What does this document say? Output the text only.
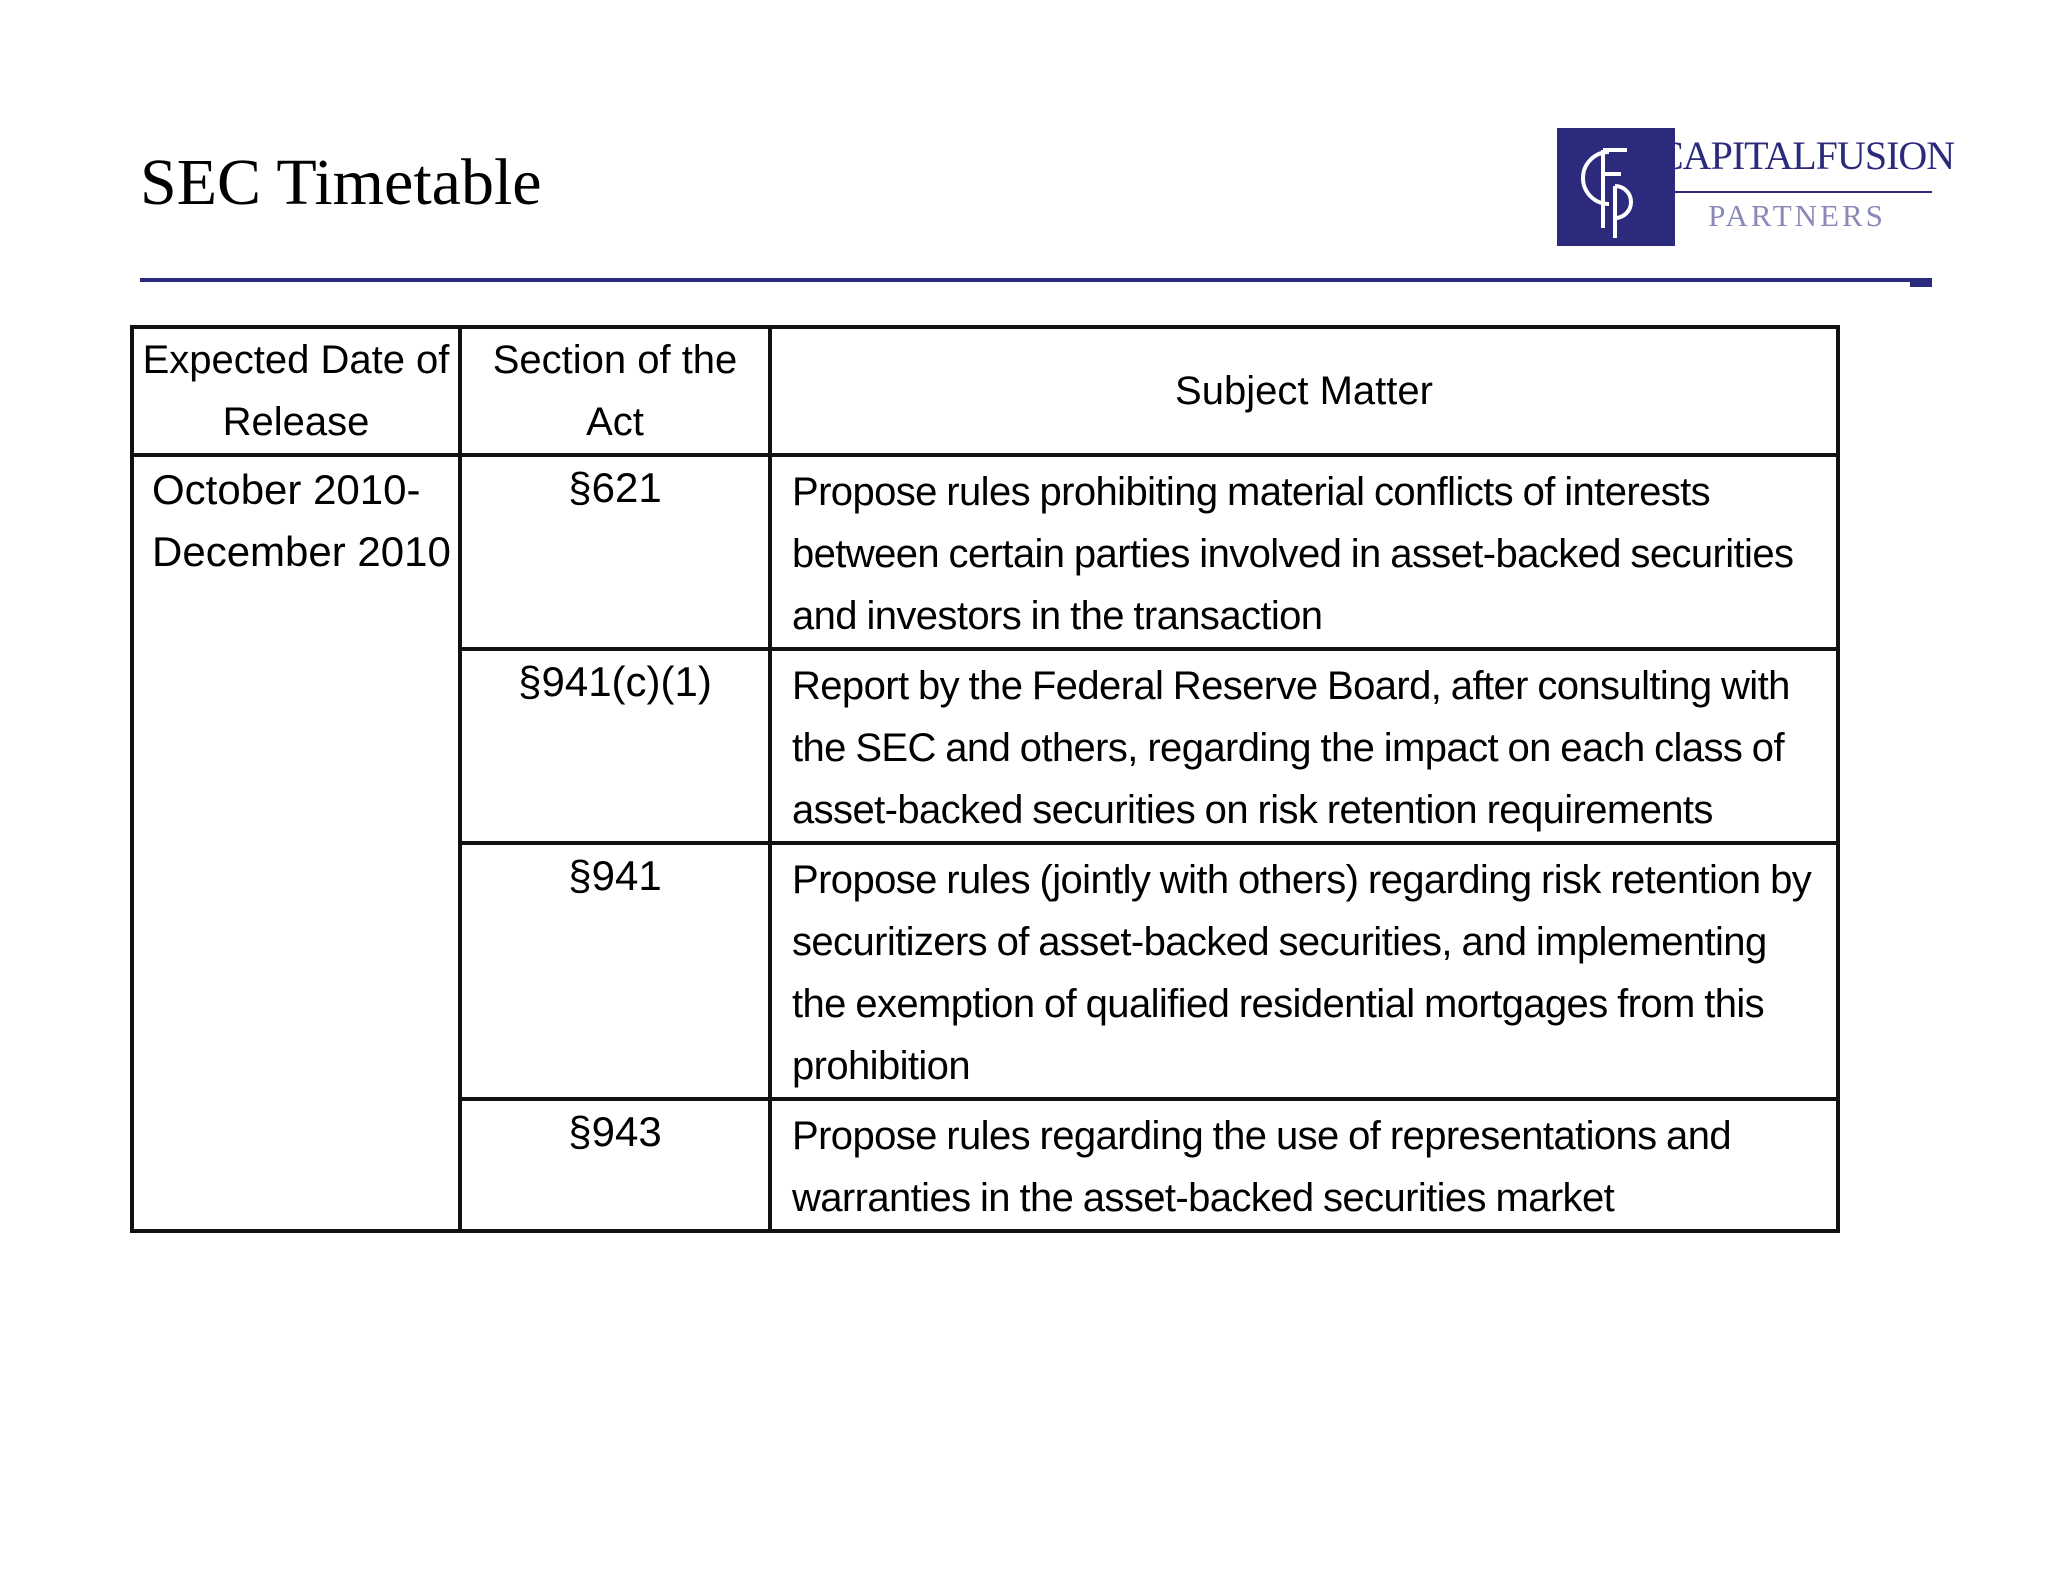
SEC Timetable	CAPITALFUSION
PARTNERS
Expected Date of Release	Section of the Act	Subject Matter

October 2010-
December 2010	§621	Propose rules prohibiting material conflicts of interests between certain parties involved in asset-backed securities and investors in the transaction
	§941(c)(1)	Report by the Federal Reserve Board, after consulting with the SEC and others, regarding the impact on each class of asset-backed securities on risk retention requirements
	§941	Propose rules (jointly with others) regarding risk retention by securitizers of asset-backed securities, and implementing the exemption of qualified residential mortgages from this prohibition
	§943	Propose rules regarding the use of representations and warranties in the asset-backed securities market
